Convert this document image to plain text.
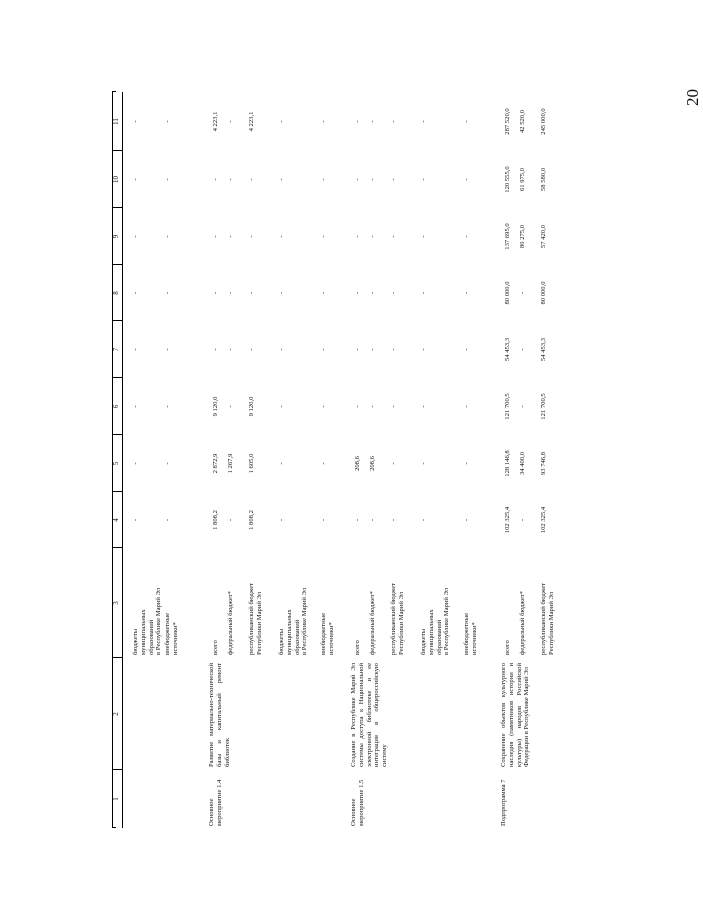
20
1
2
3
4
5
6
7
8
9
10
11
бюджеты
муниципальных
образований
в Республике Марий Эл
-
-
-
-
-
-
-
-
внебюджетные
источники*
-
-
-
-
-
-
-
-
Основное
мероприятие 1.4
Развитие материально-технической базы и капитальный ремонт библиотек
всего
1 808,2
2 872,9
9 120,0
-
-
-
-
4 223,1
федеральный бюджет*
-
1 267,9
-
-
-
-
-
-
республиканский бюджет
Республики Марий Эл
1 808,2
1 605,0
9 120,0
-
-
-
-
4 223,1
бюджеты
муниципальных
образований
в Республике Марий Эл
-
-
-
-
-
-
-
-
внебюджетные
источники*
-
-
-
-
-
-
-
-
Основное
мероприятие 1.5
Создание в Республике Марий Эл системы доступа к Национальной электронной библиотеке и ее интеграция в общероссийскую систему
всего
-
208,6
-
-
-
-
-
-
федеральный бюджет*
-
208,6
-
-
-
-
-
-
республиканский бюджет
Республики Марий Эл
-
-
-
-
-
-
-
-
бюджеты
муниципальных
образований
в Республике Марий Эл
-
-
-
-
-
-
-
-
внебюджетные
источники*
-
-
-
-
-
-
-
-
Подпрограмма 7
Сохранение объектов культурного наследия (памятников истории и культуры) народов Российской Федерации в Республике Марий Эл
всего
102 325,4
128 146,8
121 700,5
54 453,3
80 000,0
137 695,0
120 555,0
287 520,0
федеральный бюджет*
-
34 400,0
-
-
-
80 275,0
61 975,0
42 520,0
республиканский бюджет
Республики Марий Эл
102 325,4
93 746,8
121 700,5
54 453,3
80 000,0
57 420,0
58 580,0
245 000,0
